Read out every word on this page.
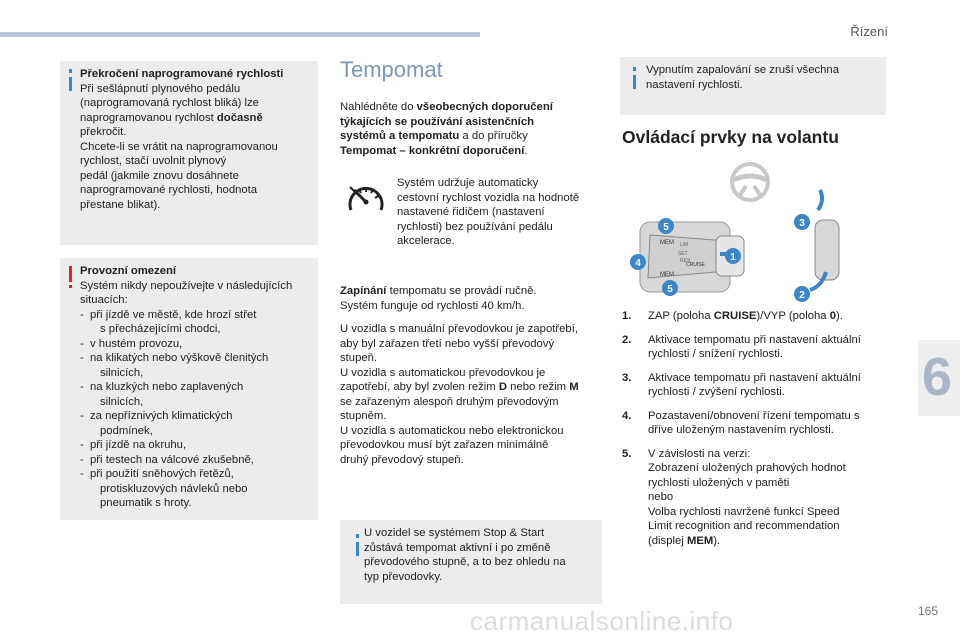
Řízení
6
165
carmanualsonline.info
Překročení naprogramované rychlosti
Při sešlápnutí plynového pedálu
(naprogramovaná rychlost bliká) lze
naprogramovanou rychlost dočasně
překročit.
Chcete-li se vrátit na naprogramovanou
rychlost, stačí uvolnit plynový
pedál (jakmile znovu dosáhnete
naprogramované rychlosti, hodnota
přestane blikat).
Provozní omezení
Systém nikdy nepoužívejte v následujících
situacích:
- při jízdě ve městě, kde hrozí střet
s přecházejícími chodci,
- v hustém provozu,
- na klikatých nebo výškově členitých
silnicích,
- na kluzkých nebo zaplavených
silnicích,
- za nepříznivých klimatických
podmínek,
- při jízdě na okruhu,
- při testech na válcové zkušebně,
- při použití sněhových řetězů,
protiskluzových návleků nebo
pneumatik s hroty.
Tempomat
Nahlédněte do všeobecných doporučení
týkajících se používání asistenčních
systémů a tempomatu a do příručky
Tempomat – konkrétní doporučení.
Systém udržuje automaticky
cestovní rychlost vozidla na hodnotě
nastavené řidičem (nastavení
rychlosti) bez používání pedálu
akcelerace.
Zapínání tempomatu se provádí ručně.
Systém funguje od rychlosti 40 km/h.
U vozidla s manuální převodovkou je zapotřebí,
aby byl zařazen třetí nebo vyšší převodový
stupeň.
U vozidla s automatickou převodovkou je
zapotřebí, aby byl zvolen režim D nebo režim M
se zařazeným alespoň druhým převodovým
stupněm.
U vozidla s automatickou nebo elektronickou
převodovkou musí být zařazen minimálně
druhý převodový stupeň.
U vozidel se systémem Stop & Start
zůstává tempomat aktivní i po změně
převodového stupně, a to bez ohledu na
typ převodovky.
Vypnutím zapalování se zruší všechna
nastavení rychlosti.
Ovládací prvky na volantu
MEM
MEM
CRUISE
LIM
SET
RES
5
4
5
1
3
2
1. ZAP (poloha CRUISE)/VYP (poloha 0).
2. Aktivace tempomatu při nastavení aktuální
rychlosti / snížení rychlosti.
3. Aktivace tempomatu při nastavení aktuální
rychlosti / zvýšení rychlosti.
4. Pozastavení/obnovení řízení tempomatu s
dříve uloženým nastavením rychlosti.
5. V závislosti na verzi:
Zobrazení uložených prahových hodnot
rychlosti uložených v paměti
nebo
Volba rychlosti navržené funkcí Speed
Limit recognition and recommendation
(displej MEM).
